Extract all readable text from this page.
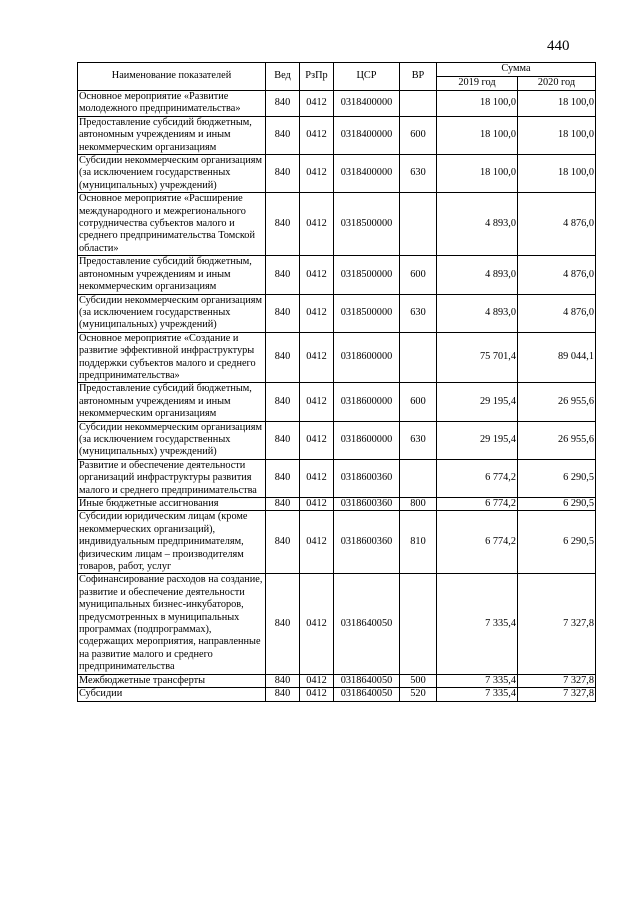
440
Наименование показателей	Вед	РзПр	ЦСР	ВР	Сумма	
					2019 год	2020 год
Основное мероприятие «Развитие молодежного предпринимательства»	840	0412	0318400000		18 100,0	18 100,0
Предоставление субсидий бюджетным, автономным учреждениям и иным некоммерческим организациям	840	0412	0318400000	600	18 100,0	18 100,0
Субсидии некоммерческим организациям (за исключением государственных (муниципальных) учреждений)	840	0412	0318400000	630	18 100,0	18 100,0
Основное мероприятие «Расширение международного и межрегионального сотрудничества субъектов малого и среднего предпринимательства Томской области»	840	0412	0318500000		4 893,0	4 876,0
Предоставление субсидий бюджетным, автономным учреждениям и иным некоммерческим организациям	840	0412	0318500000	600	4 893,0	4 876,0
Субсидии некоммерческим организациям (за исключением государственных (муниципальных) учреждений)	840	0412	0318500000	630	4 893,0	4 876,0
Основное мероприятие «Создание и развитие эффективной инфраструктуры поддержки субъектов малого и среднего предпринимательства»	840	0412	0318600000		75 701,4	89 044,1
Предоставление субсидий бюджетным, автономным учреждениям и иным некоммерческим организациям	840	0412	0318600000	600	29 195,4	26 955,6
Субсидии некоммерческим организациям (за исключением государственных (муниципальных) учреждений)	840	0412	0318600000	630	29 195,4	26 955,6
Развитие и обеспечение деятельности организаций инфраструктуры развития малого и среднего предпринимательства	840	0412	0318600360		6 774,2	6 290,5
Иные бюджетные ассигнования	840	0412	0318600360	800	6 774,2	6 290,5
Субсидии юридическим лицам (кроме некоммерческих организаций), индивидуальным предпринимателям, физическим лицам – производителям товаров, работ, услуг	840	0412	0318600360	810	6 774,2	6 290,5
Софинансирование расходов на создание, развитие и обеспечение деятельности муниципальных бизнес-инкубаторов, предусмотренных в муниципальных программах (подпрограммах), содержащих мероприятия, направленные на развитие малого и среднего предпринимательства	840	0412	0318640050		7 335,4	7 327,8
Межбюджетные трансферты	840	0412	0318640050	500	7 335,4	7 327,8
Субсидии	840	0412	0318640050	520	7 335,4	7 327,8
